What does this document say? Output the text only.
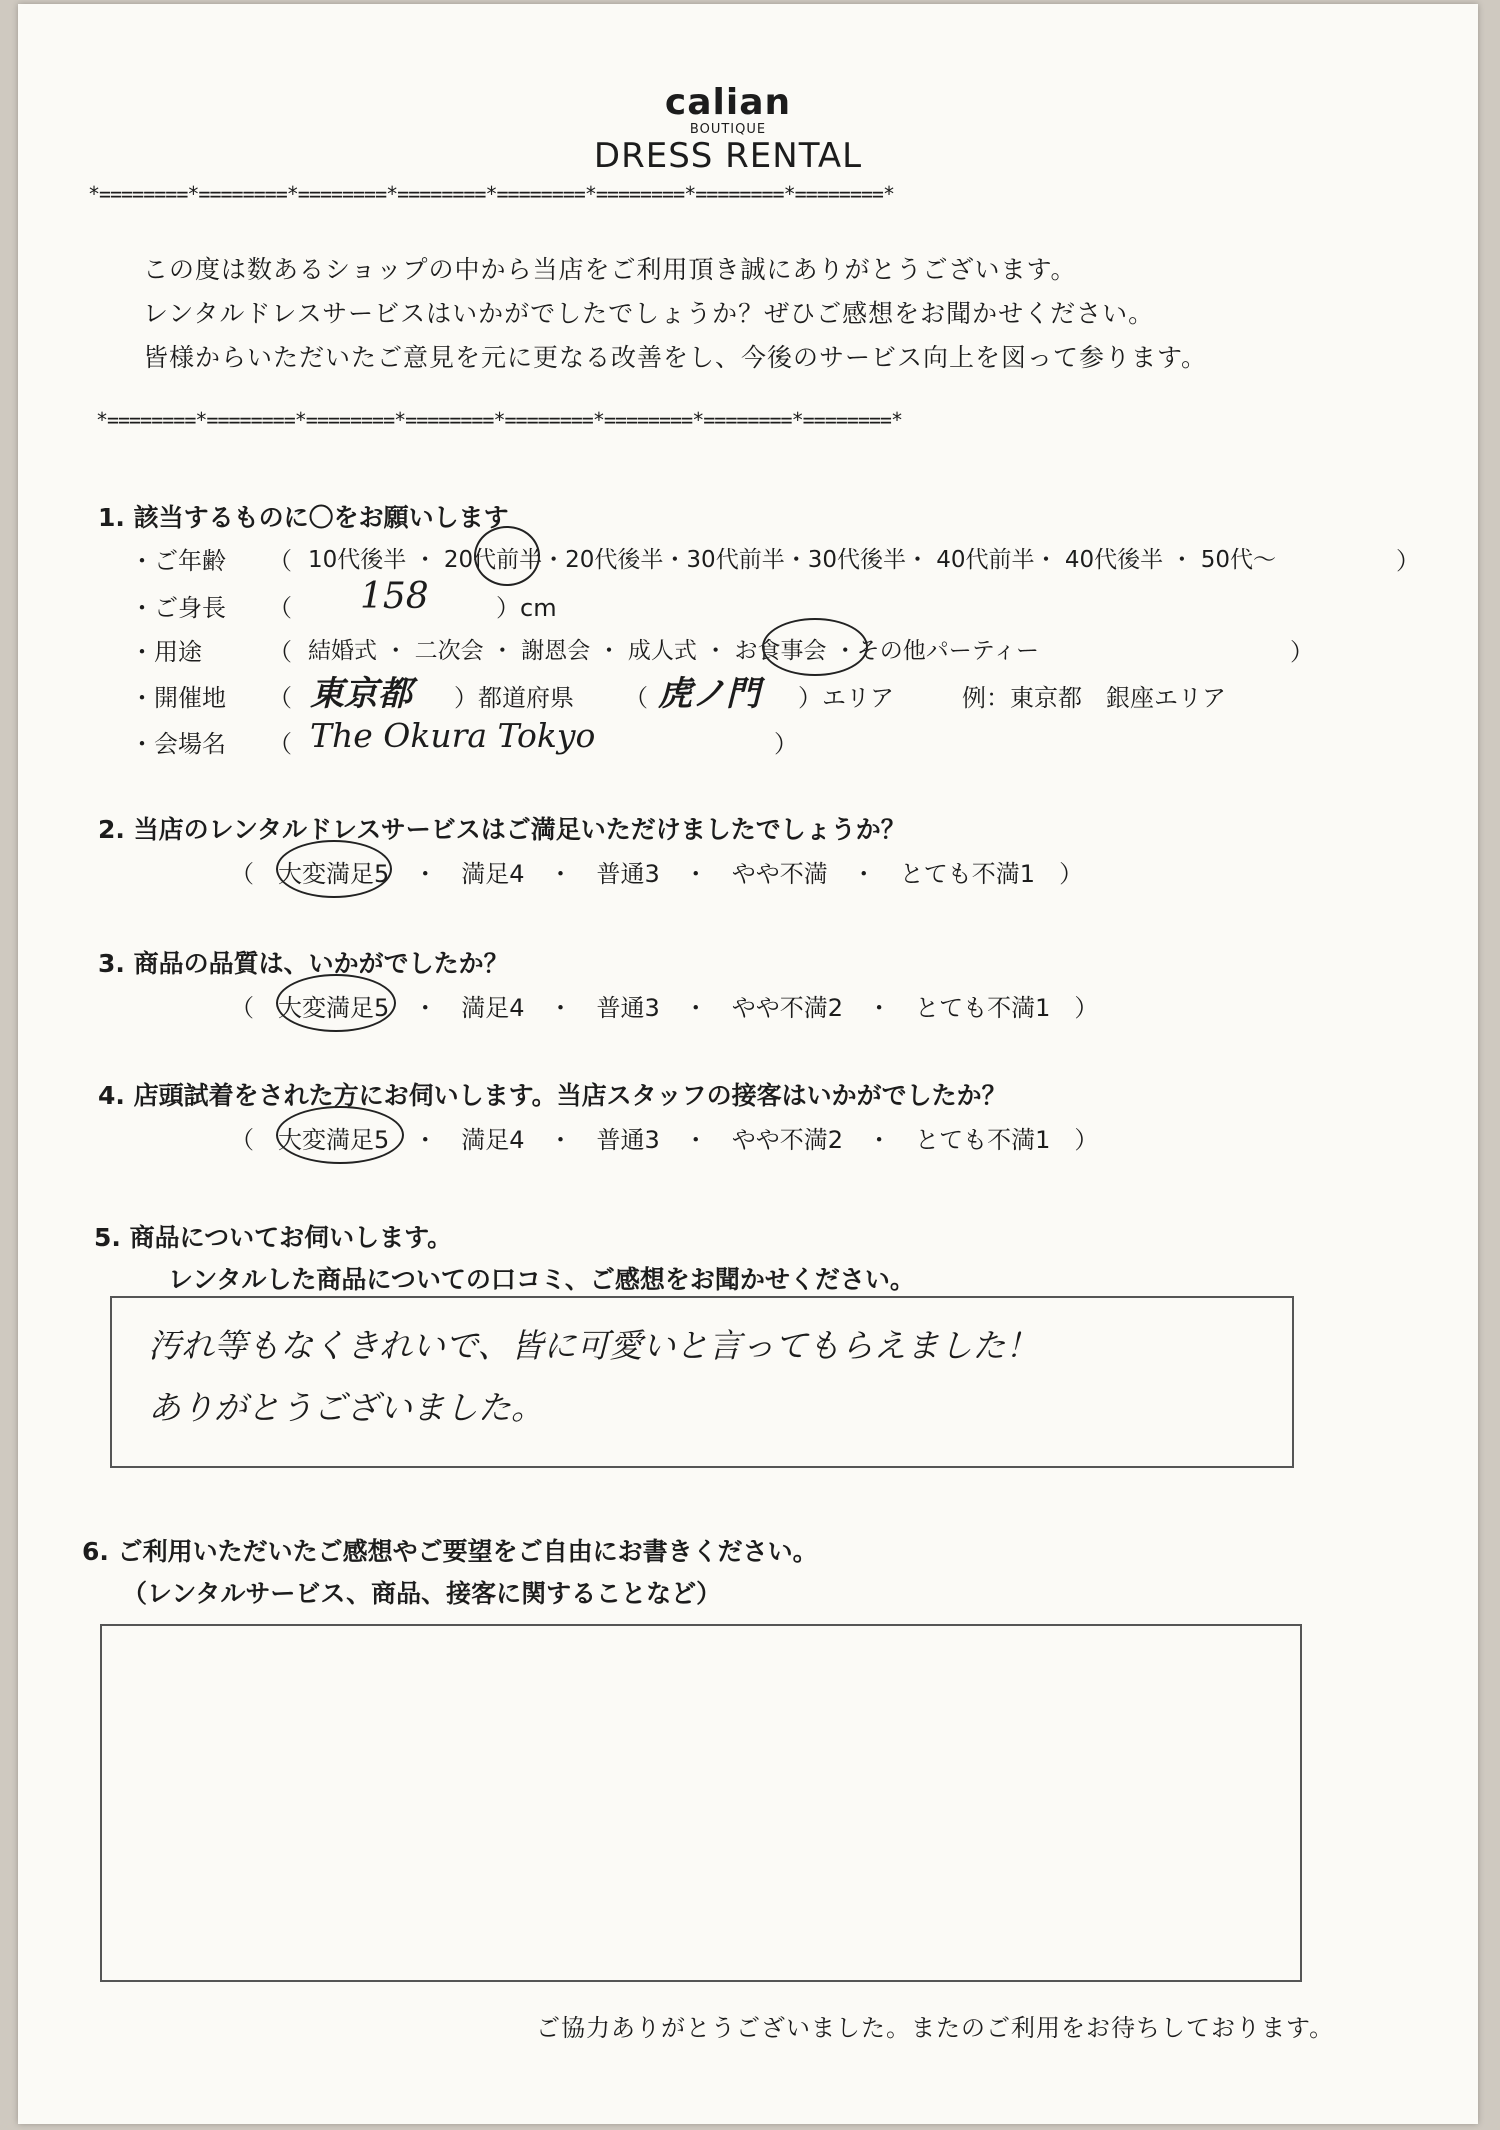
calian
BOUTIQUE
DRESS RENTAL
*========*========*========*========*========*========*========*========*
この度は数あるショップの中から当店をご利用頂き誠にありがとうございます。
レンタルドレスサービスはいかがでしたでしょうか？ぜひご感想をお聞かせください。
皆様からいただいたご意見を元に更なる改善をし、今後のサービス向上を図って参ります。
*========*========*========*========*========*========*========*========*
1. 該当するものに〇をお願いします
・ご年齢 （ 10代後半 ・ 20代前半・20代後半・30代前半・30代後半・ 40代前半・ 40代後半 ・ 50代〜	）
・ご身長 （ 158	）cm
・用途	（ 結婚式 ・ 二次会 ・ 謝恩会 ・ 成人式 ・ お食事会 ・その他パーティー	）
・開催地 （ 東京都 ）都道府県 （ 虎ノ門 ）エリア	例：東京都　銀座エリア
・会場名 （ The Okura Tokyo	）
2. 当店のレンタルドレスサービスはご満足いただけましたでしょうか？
（　大変満足5　・　満足4　・　普通3　・　やや不満　・　とても不満1　）
3. 商品の品質は、いかがでしたか？
（　大変満足5　・　満足4　・　普通3　・　やや不満2　・　とても不満1　）
4. 店頭試着をされた方にお伺いします。当店スタッフの接客はいかがでしたか？
（　大変満足5　・　満足4　・　普通3　・　やや不満2　・　とても不満1　）
5. 商品についてお伺いします。
レンタルした商品についての口コミ、ご感想をお聞かせください。
汚れ等もなくきれいで、皆に可愛いと言ってもらえました！
ありがとうございました。
6. ご利用いただいたご感想やご要望をご自由にお書きください。
（レンタルサービス、商品、接客に関することなど）
ご協力ありがとうございました。またのご利用をお待ちしております。
